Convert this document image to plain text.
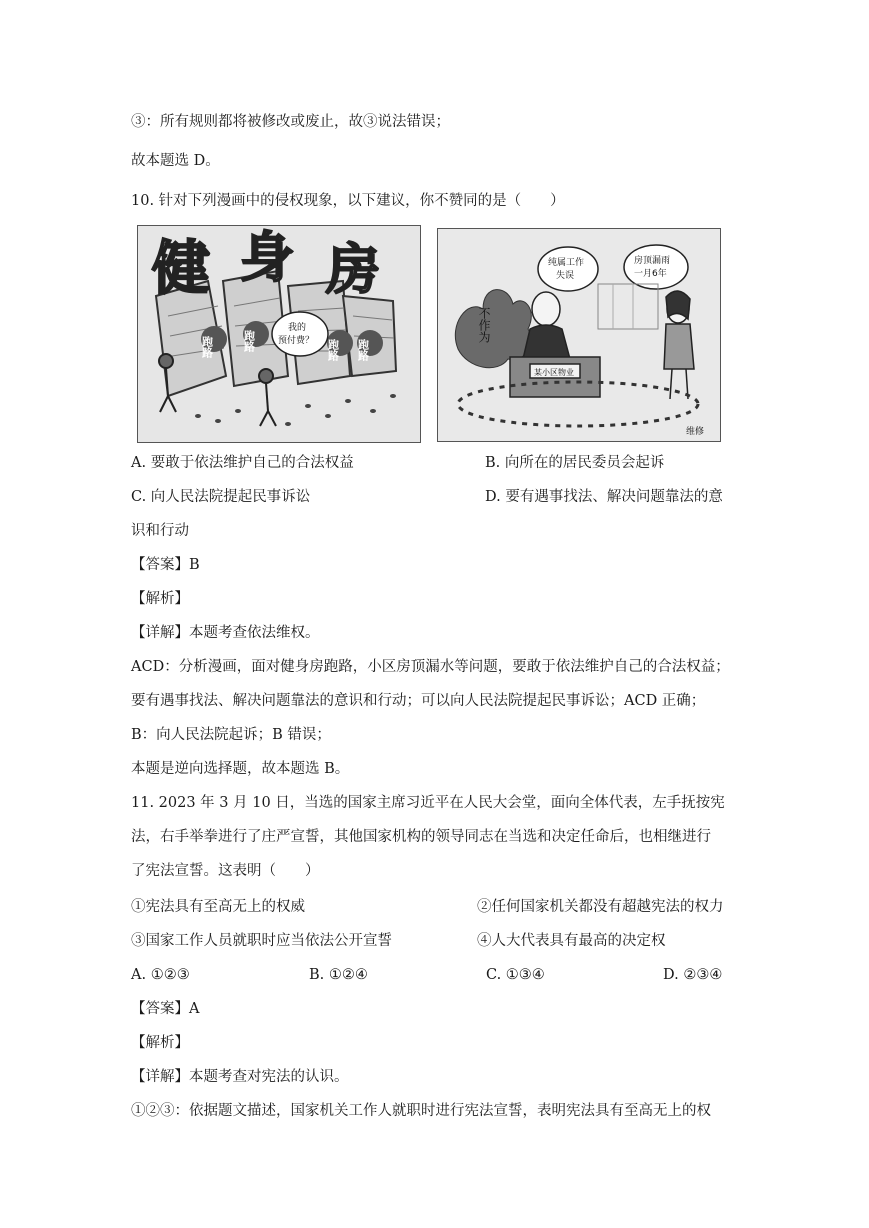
③：所有规则都将被修改或废止，故③说法错误；
故本题选 D。
10. 针对下列漫画中的侵权现象，以下建议，你不赞同的是（　　）
健 身 房
跑路	跑路	跑路 跑路
我的
预付费？	不作为
纯属工作
失误
房顶漏雨
一月6年
某小区物业
维修
A. 要敢于依法维护自己的合法权益	B. 向所在的居民委员会起诉
C. 向人民法院提起民事诉讼	D. 要有遇事找法、解决问题靠法的意
识和行动
【答案】B
【解析】
【详解】本题考查依法维权。
ACD：分析漫画，面对健身房跑路，小区房顶漏水等问题，要敢于依法维护自己的合法权益；
要有遇事找法、解决问题靠法的意识和行动；可以向人民法院提起民事诉讼；ACD 正确；
B：向人民法院起诉；B 错误；
本题是逆向选择题，故本题选 B。
11. 2023 年 3 月 10 日，当选的国家主席习近平在人民大会堂，面向全体代表，左手抚按宪
法，右手举拳进行了庄严宣誓，其他国家机构的领导同志在当选和决定任命后，也相继进行
了宪法宣誓。这表明（　　）
①宪法具有至高无上的权威	②任何国家机关都没有超越宪法的权力
③国家工作人员就职时应当依法公开宣誓	④人大代表具有最高的决定权
A. ①②③	B. ①②④	C. ①③④	D. ②③④
【答案】A
【解析】
【详解】本题考查对宪法的认识。
①②③：依据题文描述，国家机关工作人就职时进行宪法宣誓，表明宪法具有至高无上的权
